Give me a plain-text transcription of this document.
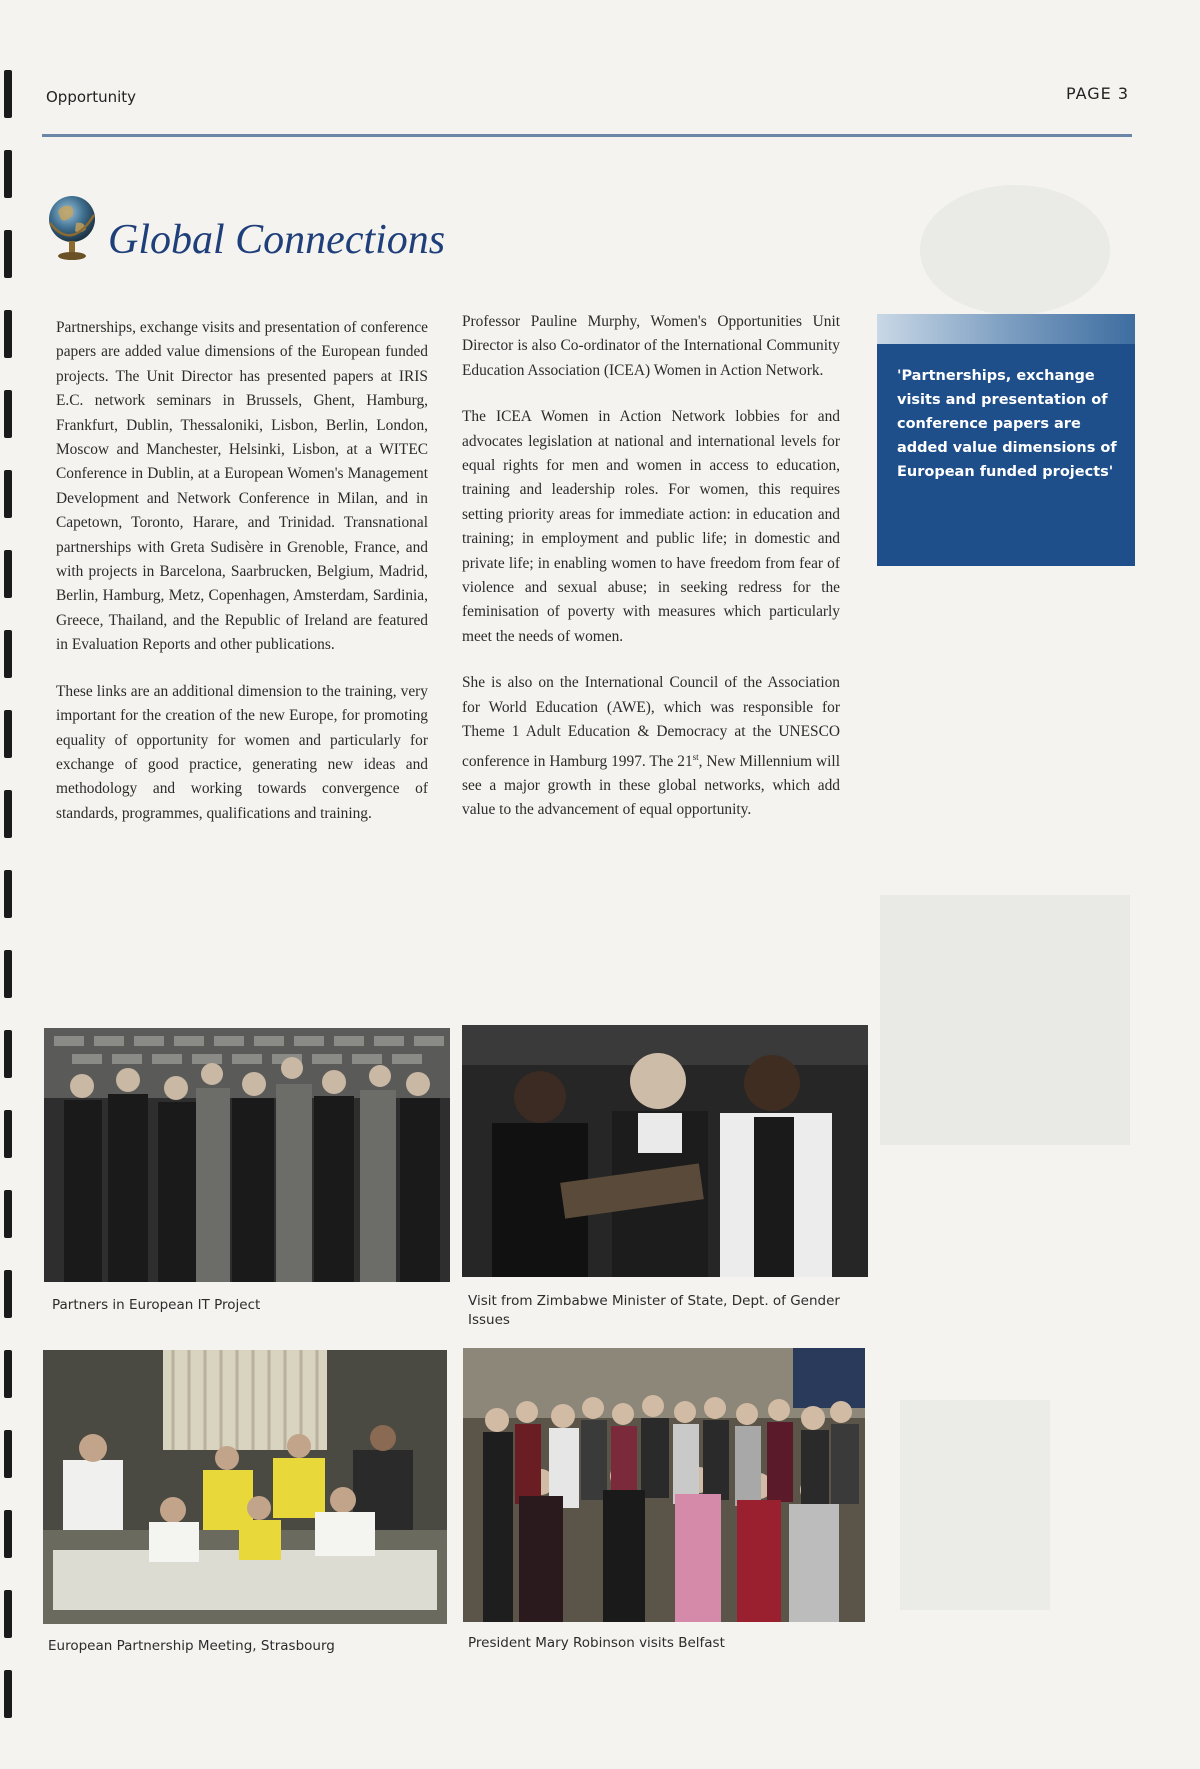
Opportunity	PAGE 3
Global Connections

Partnerships, exchange visits and presentation of conference papers are added value dimensions of the European funded projects. The Unit Director has presented papers at IRIS E.C. network seminars in Brussels, Ghent, Hamburg, Frankfurt, Dublin, Thessaloniki, Lisbon, Berlin, London, Moscow and Manchester, Helsinki, Lisbon, at a WITEC Conference in Dublin, at a European Women's Management Development and Network Conference in Milan, and in Capetown, Toronto, Harare, and Trinidad. Transnational partnerships with Greta Sudisère in Grenoble, France, and with projects in Barcelona, Saarbrucken, Belgium, Madrid, Berlin, Hamburg, Metz, Copenhagen, Amsterdam, Sardinia, Greece, Thailand, and the Republic of Ireland are featured in Evaluation Reports and other publications.

These links are an additional dimension to the training, very important for the creation of the new Europe, for promoting equality of opportunity for women and particularly for exchange of good practice, generating new ideas and methodology and working towards convergence of standards, programmes, qualifications and training.

Professor Pauline Murphy, Women's Opportunities Unit Director is also Co-ordinator of the International Community Education Association (ICEA) Women in Action Network.

The ICEA Women in Action Network lobbies for and advocates legislation at national and international levels for equal rights for men and women in access to education, training and leadership roles. For women, this requires setting priority areas for immediate action: in education and training; in employment and public life; in domestic and private life; in enabling women to have freedom from fear of violence and sexual abuse; in seeking redress for the feminisation of poverty with measures which particularly meet the needs of women.

She is also on the International Council of the Association for World Education (AWE), which was responsible for Theme 1 Adult Education & Democracy at the UNESCO conference in Hamburg 1997. The 21st, New Millennium will see a major growth in these global networks, which add value to the advancement of equal opportunity.

'Partnerships, exchange visits and presentation of conference papers are added value dimensions of European funded projects'
Partners in European IT Project	Visit from Zimbabwe Minister of State, Dept. of Gender Issues
European Partnership Meeting, Strasbourg	President Mary Robinson visits Belfast
